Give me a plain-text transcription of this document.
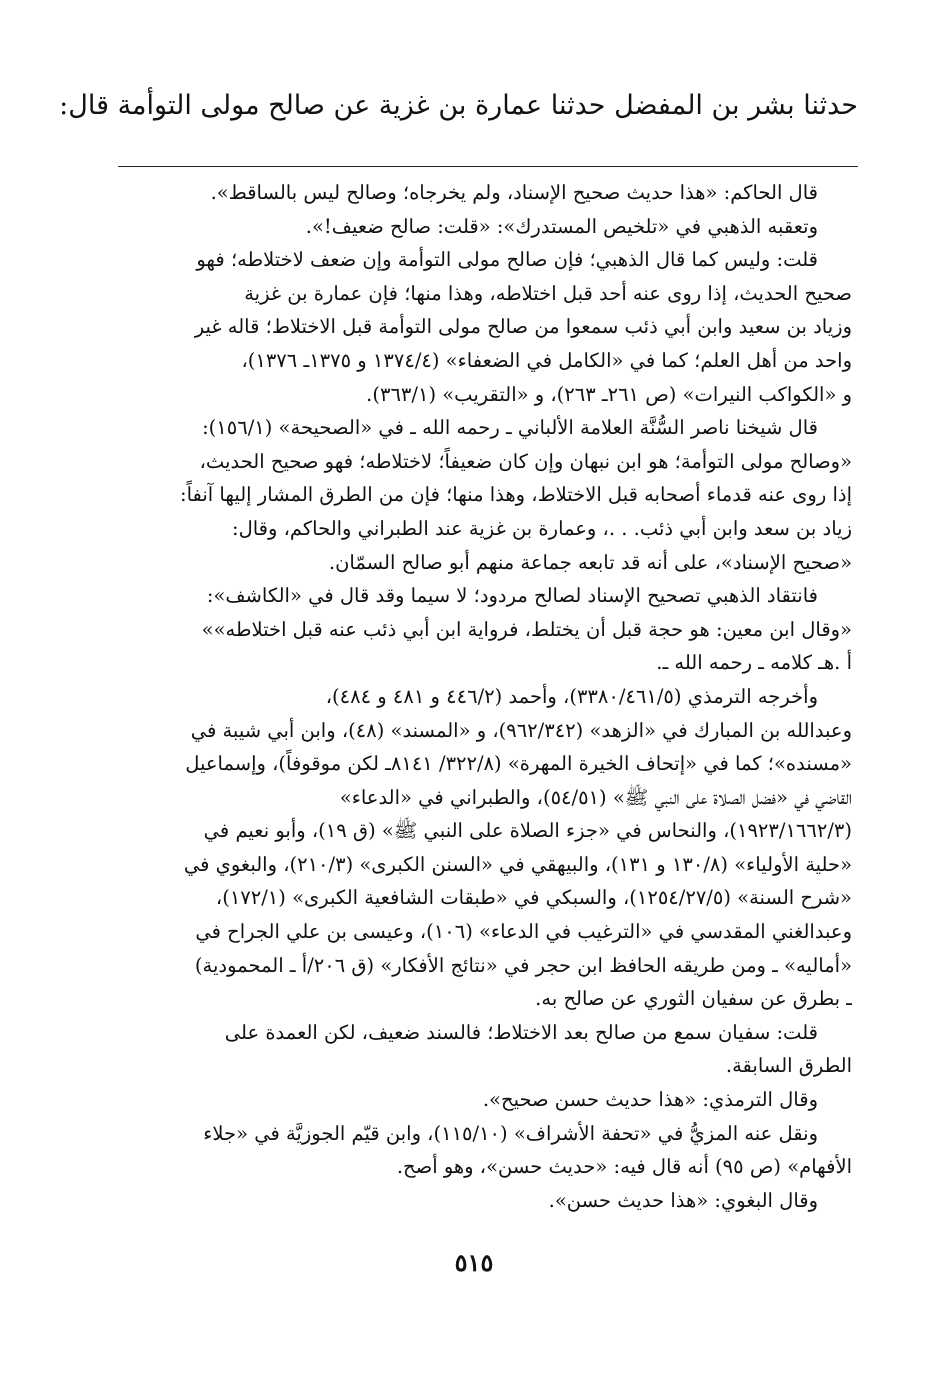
حدثنا بشر بن المفضل حدثنا عمارة بن غزية عن صالح مولى التوأمة قال:
قال الحاكم: «هذا حديث صحيح الإسناد، ولم يخرجاه؛ وصالح ليس بالساقط».
وتعقبه الذهبي في «تلخيص المستدرك»: «قلت: صالح ضعيف!».
قلت: وليس كما قال الذهبي؛ فإن صالح مولى التوأمة وإن ضعف لاختلاطه؛ فهو
صحيح الحديث، إذا روى عنه أحد قبل اختلاطه، وهذا منها؛ فإن عمارة بن غزية
وزياد بن سعيد وابن أبي ذئب سمعوا من صالح مولى التوأمة قبل الاختلاط؛ قاله غير
واحد من أهل العلم؛ كما في «الكامل في الضعفاء» (١٣٧٤/٤ و ١٣٧٥ـ ١٣٧٦)،
و «الكواكب النيرات» (ص ٢٦١ـ ٢٦٣)، و «التقريب» (٣٦٣/١).
قال شيخنا ناصر السُّنَّة العلامة الألباني ـ رحمه الله ـ في «الصحيحة» (١٥٦/١):
«وصالح مولى التوأمة؛ هو ابن نبهان وإن كان ضعيفاً؛ لاختلاطه؛ فهو صحيح الحديث،
إذا روى عنه قدماء أصحابه قبل الاختلاط، وهذا منها؛ فإن من الطرق المشار إليها آنفاً:
زياد بن سعد وابن أبي ذئب. . .، وعمارة بن غزية عند الطبراني والحاكم، وقال:
«صحيح الإسناد»، على أنه قد تابعه جماعة منهم أبو صالح السمّان.
فانتقاد الذهبي تصحيح الإسناد لصالح مردود؛ لا سيما وقد قال في «الكاشف»:
«وقال ابن معين: هو حجة قبل أن يختلط، فرواية ابن أبي ذئب عنه قبل اختلاطه»»
أ .هـ كلامه ـ رحمه الله ـ.
وأخرجه الترمذي (٣٣٨٠/٤٦١/٥)، وأحمد (٤٤٦/٢ و ٤٨١ و ٤٨٤)،
وعبدالله بن المبارك في «الزهد» (٩٦٢/٣٤٢)، و «المسند» (٤٨)، وابن أبي شيبة في
«مسنده»؛ كما في «إتحاف الخيرة المهرة» (٣٢٢/٨/ ٨١٤١ـ لكن موقوفاً)، وإسماعيل
القاضي في «فضل الصلاة على النبي ﷺ» (٥٤/٥١)، والطبراني في «الدعاء»
(١٩٢٣/١٦٦٢/٣)، والنحاس في «جزء الصلاة على النبي ﷺ» (ق ١٩)، وأبو نعيم في
«حلية الأولياء» (١٣٠/٨ و ١٣١)، والبيهقي في «السنن الكبرى» (٢١٠/٣)، والبغوي في
«شرح السنة» (١٢٥٤/٢٧/٥)، والسبكي في «طبقات الشافعية الكبرى» (١٧٢/١)،
وعبدالغني المقدسي في «الترغيب في الدعاء» (١٠٦)، وعيسى بن علي الجراح في
«أماليه» ـ ومن طريقه الحافظ ابن حجر في «نتائج الأفكار» (ق ٢٠٦/أ ـ المحمودية)
ـ بطرق عن سفيان الثوري عن صالح به.
قلت: سفيان سمع من صالح بعد الاختلاط؛ فالسند ضعيف، لكن العمدة على
الطرق السابقة.
وقال الترمذي: «هذا حديث حسن صحيح».
ونقل عنه المزيُّ في «تحفة الأشراف» (١١٥/١٠)، وابن قيّم الجوزيَّة في «جلاء
الأفهام» (ص ٩٥) أنه قال فيه: «حديث حسن»، وهو أصح.
وقال البغوي: «هذا حديث حسن».
٥١٥
